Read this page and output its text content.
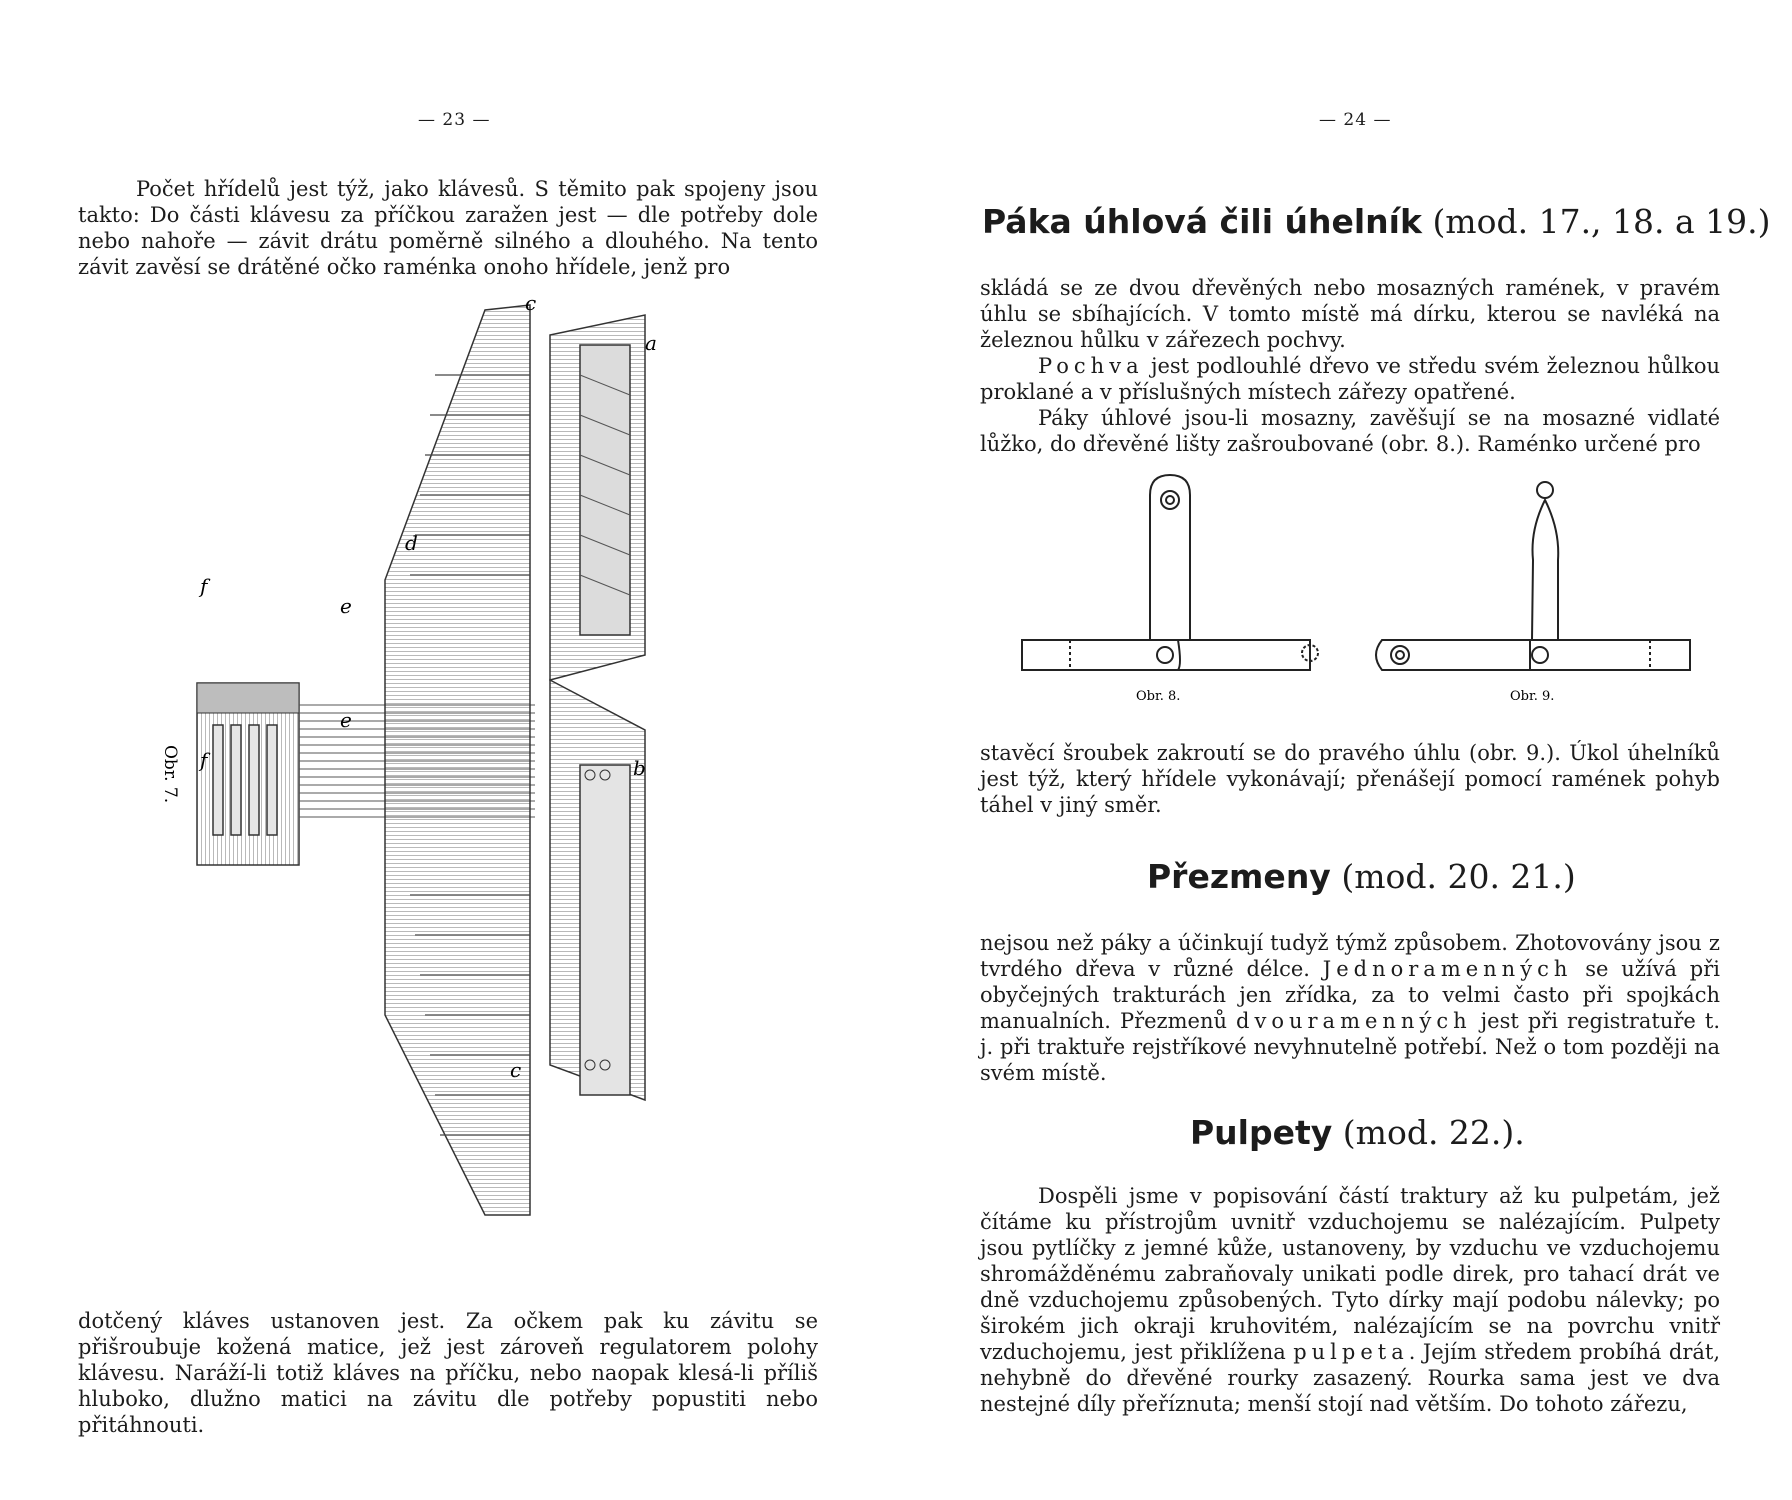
— 23 —

Počet hřídelů jest týž, jako klávesů. S těmito pak spojeny jsou takto: Do části klávesu za příčkou zaražen jest — dle potřeby dole nebo nahoře — závit drátu poměrně silného a dlouhého. Na tento závit zavěsí se drátěné očko raménka onoho hřídele, jenž pro

c
a
d
e
f
e
f	b
c
Obr. 7.

dotčený kláves ustanoven jest. Za očkem pak ku závitu se přišroubuje kožená matice, jež jest zároveň regulatorem polohy klávesu. Naráží-li totiž kláves na příčku, nebo naopak klesá-li příliš hluboko, dlužno matici na závitu dle potřeby popustiti nebo přitáhnouti.

— 24 —
Páka úhlová čili úhelník (mod. 17., 18. a 19.)

skládá se ze dvou dřevěných nebo mosazných ramének, v pravém úhlu se sbíhajících. V tomto místě má dírku, kterou se navléká na železnou hůlku v zářezech pochvy.

Pochva jest podlouhlé dřevo ve středu svém železnou hůlkou proklané a v příslušných místech zářezy opatřené.

Páky úhlové jsou-li mosazny, zavěšují se na mosazné vidlaté lůžko, do dřevěné lišty zašroubované (obr. 8.). Raménko určené pro

Obr. 8.	Obr. 9.

stavěcí šroubek zakroutí se do pravého úhlu (obr. 9.). Úkol úhelníků jest týž, který hřídele vykonávají; přenášejí pomocí ramének pohyb táhel v jiný směr.

Přezmeny (mod. 20. 21.)

nejsou než páky a účinkují tudyž týmž způsobem. Zhotovovány jsou z tvrdého dřeva v různé délce. Jednoramenných se užívá při obyčejných trakturách jen zřídka, za to velmi často při spojkách manualních. Přezmenů dvouramenných jest při registratuře t. j. při traktuře rejstříkové nevyhnutelně potřebí. Než o tom později na svém místě.

Pulpety (mod. 22.).

Dospěli jsme v popisování částí traktury až ku pulpetám, jež čítáme ku přístrojům uvnitř vzduchojemu se nalézajícím. Pulpety jsou pytlíčky z jemné kůže, ustanoveny, by vzduchu ve vzduchojemu shromážděnému zabraňovaly unikati podle direk, pro tahací drát ve dně vzduchojemu způsobených. Tyto dírky mají podobu nálevky; po širokém jich okraji kruhovitém, nalézajícím se na povrchu vnitř vzduchojemu, jest přiklížena pulpeta. Jejím středem probíhá drát, nehybně do dřevěné rourky zasazený. Rourka sama jest ve dva nestejné díly přeříznuta; menší stojí nad větším. Do tohoto zářezu,
